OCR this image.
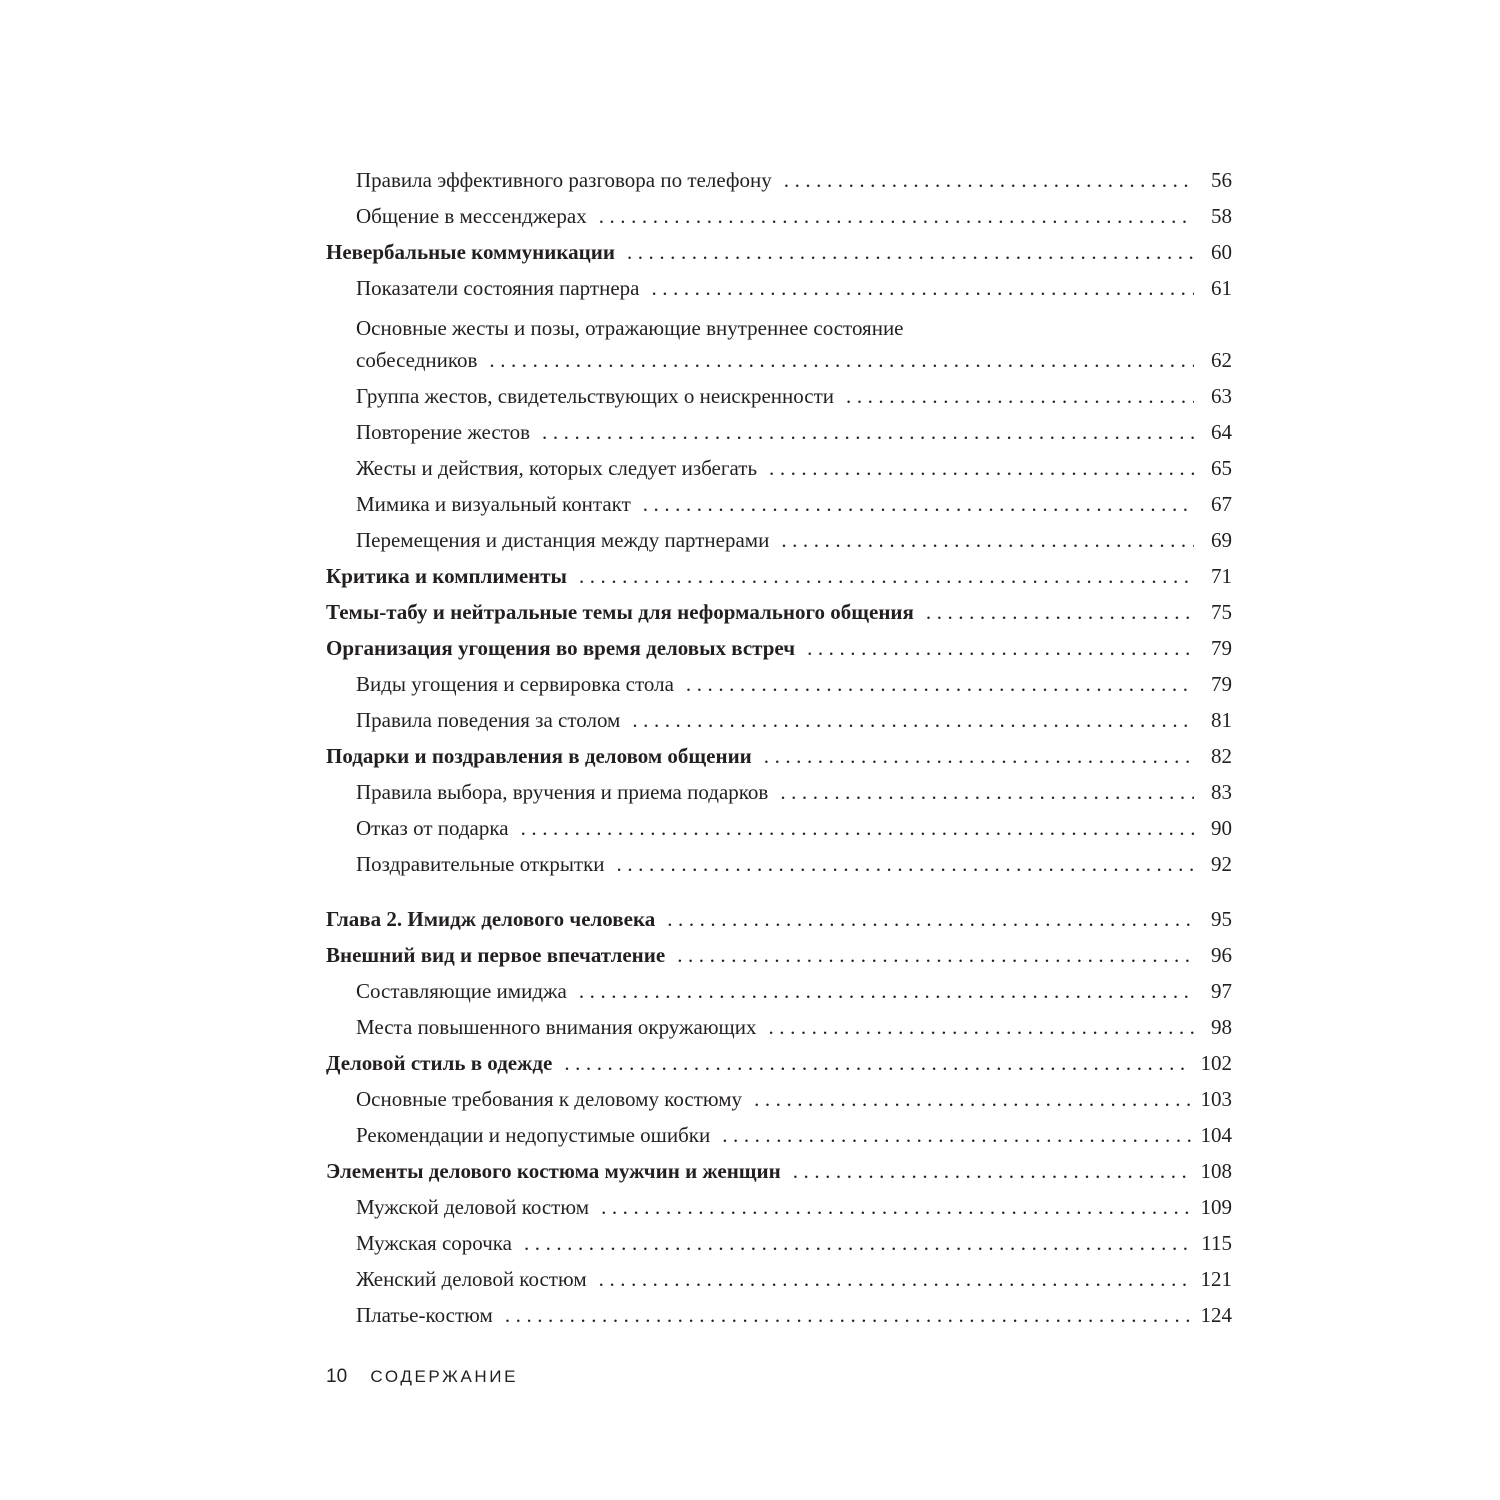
Правила эффективного разговора по телефону . . .	56
Общение в мессенджерах . . .	58
Невербальные коммуникации . . .	60
Показатели состояния партнера . . .	61
Основные жесты и позы, отражающие внутреннее состояние
собеседников . . .	62
Группа жестов, свидетельствующих о неискренности . . .	63
Повторение жестов . . .	64
Жесты и действия, которых следует избегать . . .	65
Мимика и визуальный контакт . . .	67
Перемещения и дистанция между партнерами . . .	69
Критика и комплименты . . .	71
Темы-табу и нейтральные темы для неформального общения . . .	75
Организация угощения во время деловых встреч . . .	79
Виды угощения и сервировка стола . . .	79
Правила поведения за столом . . .	81
Подарки и поздравления в деловом общении . . .	82
Правила выбора, вручения и приема подарков . . .	83
Отказ от подарка . . .	90
Поздравительные открытки . . .	92
Глава 2. Имидж делового человека . . .	95
Внешний вид и первое впечатление . . .	96
Составляющие имиджа . . .	97
Места повышенного внимания окружающих . . .	98
Деловой стиль в одежде . . .	102
Основные требования к деловому костюму . . .	103
Рекомендации и недопустимые ошибки . . .	104
Элементы делового костюма мужчин и женщин . . .	108
Мужской деловой костюм . . .	109
Мужская сорочка . . .	115
Женский деловой костюм . . .	121
Платье-костюм . . .	124
10 СОДЕРЖАНИЕ
